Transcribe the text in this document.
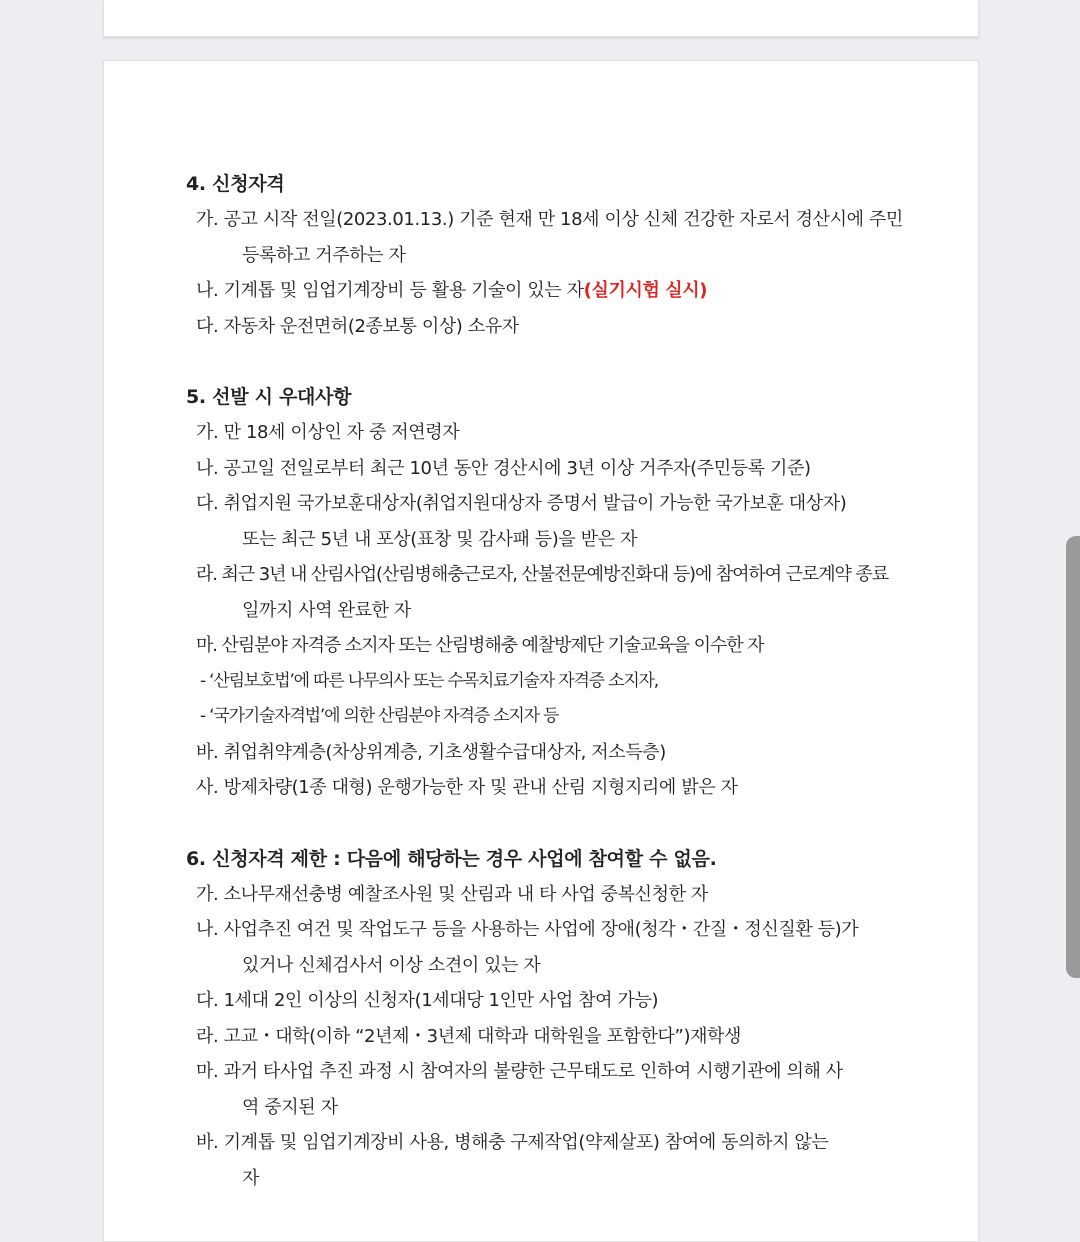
4. 신청자격
가. 공고 시작 전일(2023.01.13.) 기준 현재 만 18세 이상 신체 건강한 자로서 경산시에 주민
등록하고 거주하는 자
나. 기계톱 및 임업기계장비 등 활용 기술이 있는 자(실기시험 실시)
다. 자동차 운전면허(2종보통 이상) 소유자
5. 선발 시 우대사항
가. 만 18세 이상인 자 중 저연령자
나. 공고일 전일로부터 최근 10년 동안 경산시에 3년 이상 거주자(주민등록 기준)
다. 취업지원 국가보훈대상자(취업지원대상자 증명서 발급이 가능한 국가보훈 대상자)
또는 최근 5년 내 포상(표창 및 감사패 등)을 받은 자
라. 최근 3년 내 산림사업(산림병해충근로자, 산불전문예방진화대 등)에 참여하여 근로계약 종료
일까지 사역 완료한 자
마. 산림분야 자격증 소지자 또는 산림병해충 예찰방제단 기술교육을 이수한 자
- ‘산림보호법’에 따른 나무의사 또는 수목치료기술자 자격증 소지자,
- ‘국가기술자격법’에 의한 산림분야 자격증 소지자 등
바. 취업취약계층(차상위계층, 기초생활수급대상자, 저소득층)
사. 방제차량(1종 대형) 운행가능한 자 및 관내 산림 지형지리에 밝은 자
6. 신청자격 제한 : 다음에 해당하는 경우 사업에 참여할 수 없음.
가. 소나무재선충병 예찰조사원 및 산림과 내 타 사업 중복신청한 자
나. 사업추진 여건 및 작업도구 등을 사용하는 사업에 장애(청각・간질・정신질환 등)가
있거나 신체검사서 이상 소견이 있는 자
다. 1세대 2인 이상의 신청자(1세대당 1인만 사업 참여 가능)
라. 고교・대학(이하 “2년제・3년제 대학과 대학원을 포함한다”)재학생
마. 과거 타사업 추진 과정 시 참여자의 불량한 근무태도로 인하여 시행기관에 의해 사
역 중지된 자
바. 기계톱 및 임업기계장비 사용, 병해충 구제작업(약제살포) 참여에 동의하지 않는
자
